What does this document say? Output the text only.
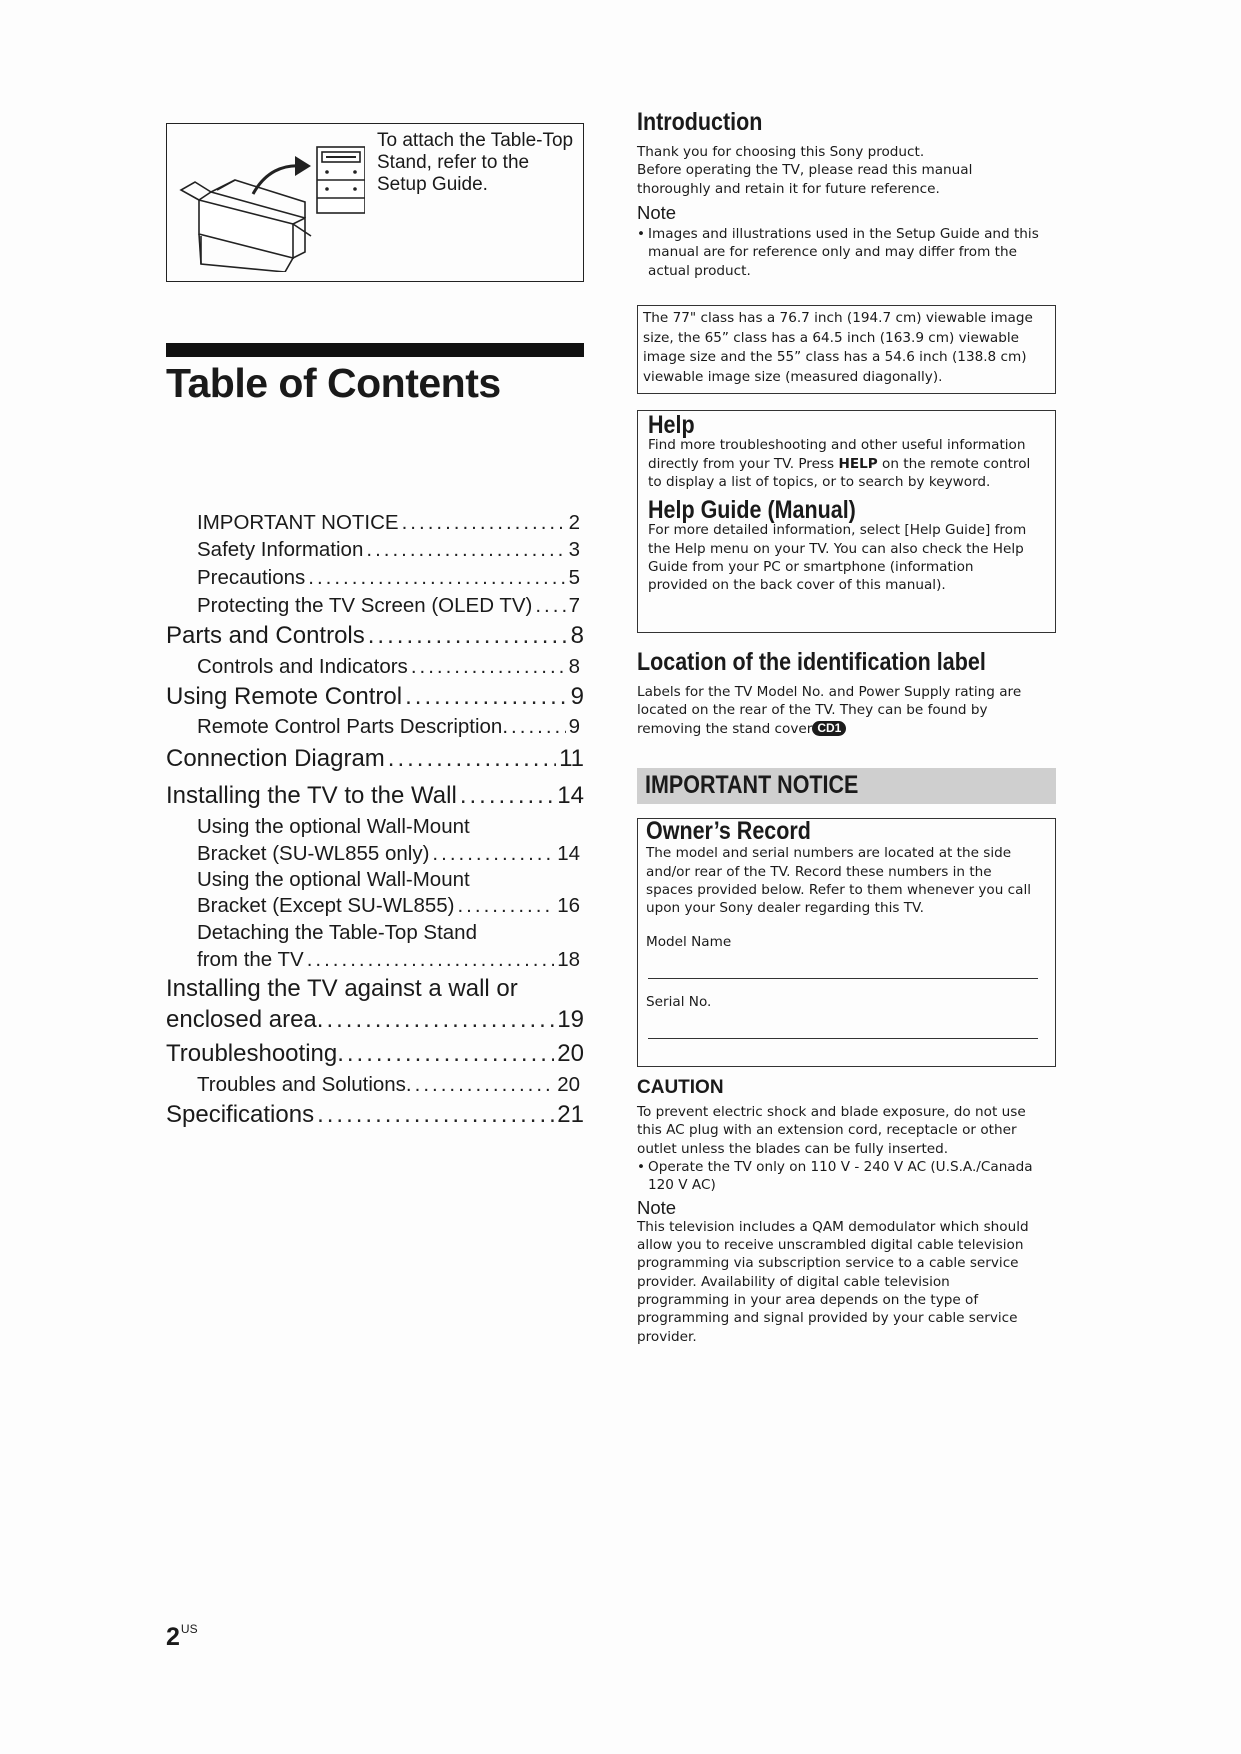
To attach the Table-Top Stand, refer to the Setup Guide.
Table of Contents
IMPORTANT NOTICE .....	2
Safety Information .....	3
Precautions .....	5
Protecting the TV Screen (OLED TV) ..... 7
Parts and Controls .....	8
Controls and Indicators .....	8
Using Remote Control .....	9
Remote Control Parts Description. .....	9
Connection Diagram .....	11
Installing the TV to the Wall .....	14
Using the optional Wall-Mount
Bracket (SU-WL855 only) .....	14
Using the optional Wall-Mount
Bracket (Except SU-WL855) .....	16
Detaching the Table-Top Stand
from the TV .....	18
Installing the TV against a wall or
enclosed area. .....	19
Troubleshooting. .....	20
Troubles and Solutions. .....	20
Specifications .....	21
Introduction
Thank you for choosing this Sony product.
Before operating the TV, please read this manual
thoroughly and retain it for future reference.
Note
• Images and illustrations used in the Setup Guide and this
manual are for reference only and may differ from the
actual product.
The 77" class has a 76.7 inch (194.7 cm) viewable image
size, the 65” class has a 64.5 inch (163.9 cm) viewable
image size and the 55” class has a 54.6 inch (138.8 cm)
viewable image size (measured diagonally).
Help
Find more troubleshooting and other useful information
directly from your TV. Press HELP on the remote control
to display a list of topics, or to search by keyword.
Help Guide (Manual)
For more detailed information, select [Help Guide] from
the Help menu on your TV. You can also check the Help
Guide from your PC or smartphone (information
provided on the back cover of this manual).
Location of the identification label
Labels for the TV Model No. and Power Supply rating are
located on the rear of the TV. They can be found by
removing the stand cover CD1
IMPORTANT NOTICE
Owner’s Record
The model and serial numbers are located at the side
and/or rear of the TV. Record these numbers in the
spaces provided below. Refer to them whenever you call
upon your Sony dealer regarding this TV.
Model Name
Serial No.
CAUTION
To prevent electric shock and blade exposure, do not use
this AC plug with an extension cord, receptacle or other
outlet unless the blades can be fully inserted.
• Operate the TV only on 110 V - 240 V AC (U.S.A./Canada
120 V AC)
Note
This television includes a QAM demodulator which should
allow you to receive unscrambled digital cable television
programming via subscription service to a cable service
provider. Availability of digital cable television
programming in your area depends on the type of
programming and signal provided by your cable service
provider.
$2^{US}$
